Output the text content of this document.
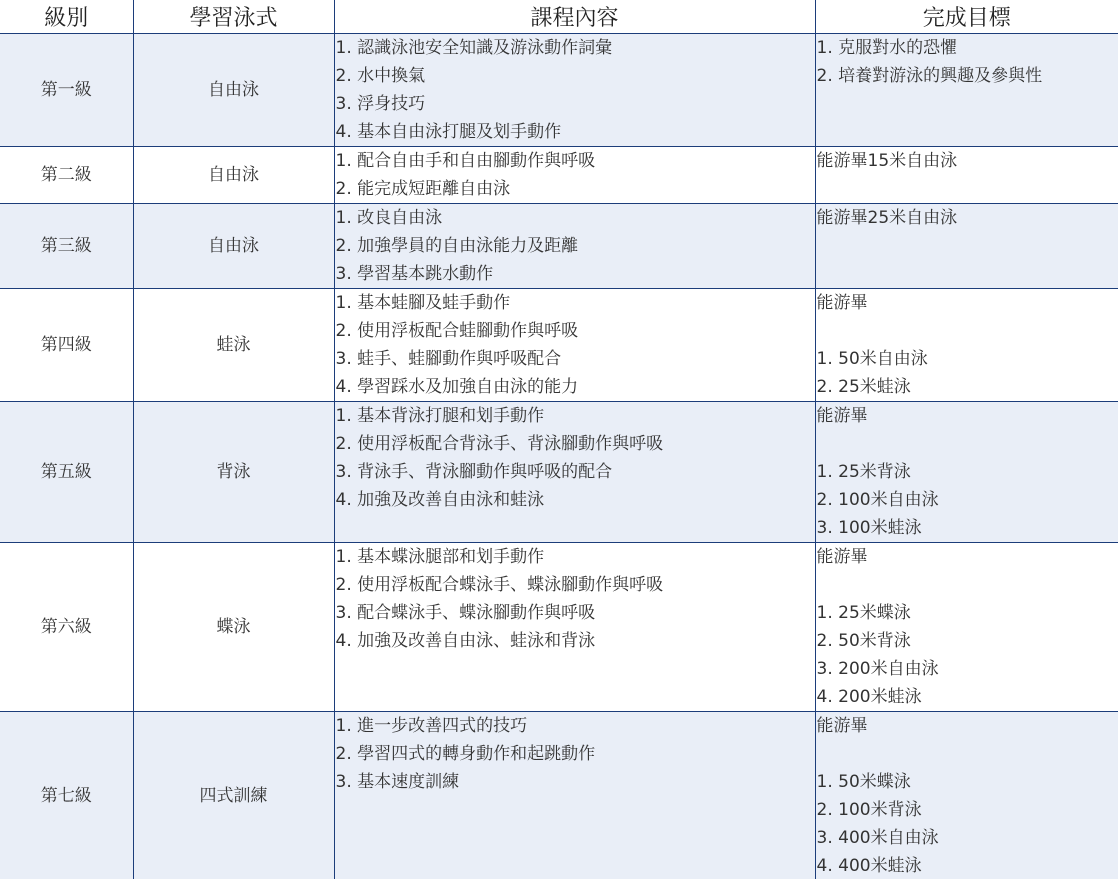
級別	學習泳式	課程內容	完成目標
第一級	自由泳	1. 認識泳池安全知識及游泳動作詞彙
2. 水中換氣
3. 浮身技巧
4. 基本自由泳打腿及划手動作	1. 克服對水的恐懼
2. 培養對游泳的興趣及參與性

第二級	自由泳	1. 配合自由手和自由腳動作與呼吸
2. 能完成短距離自由泳	能游畢15米自由泳

第三級	自由泳	1. 改良自由泳
2. 加強學員的自由泳能力及距離
3. 學習基本跳水動作	能游畢25米自由泳

第四級	蛙泳	1. 基本蛙腳及蛙手動作
2. 使用浮板配合蛙腳動作與呼吸
3. 蛙手、蛙腳動作與呼吸配合
4. 學習踩水及加強自由泳的能力	能游畢
1. 50米自由泳
2. 25米蛙泳

第五級	背泳	1. 基本背泳打腿和划手動作
2. 使用浮板配合背泳手、背泳腳動作與呼吸
3. 背泳手、背泳腳動作與呼吸的配合
4. 加強及改善自由泳和蛙泳	能游畢
1. 25米背泳
2. 100米自由泳
3. 100米蛙泳

第六級	蝶泳	1. 基本蝶泳腿部和划手動作
2. 使用浮板配合蝶泳手、蝶泳腳動作與呼吸
3. 配合蝶泳手、蝶泳腳動作與呼吸
4. 加強及改善自由泳、蛙泳和背泳	能游畢
1. 25米蝶泳
2. 50米背泳
3. 200米自由泳
4. 200米蛙泳

第七級	四式訓練	1. 進一步改善四式的技巧
2. 學習四式的轉身動作和起跳動作
3. 基本速度訓練	能游畢
1. 50米蝶泳
2. 100米背泳
3. 400米自由泳
4. 400米蛙泳
